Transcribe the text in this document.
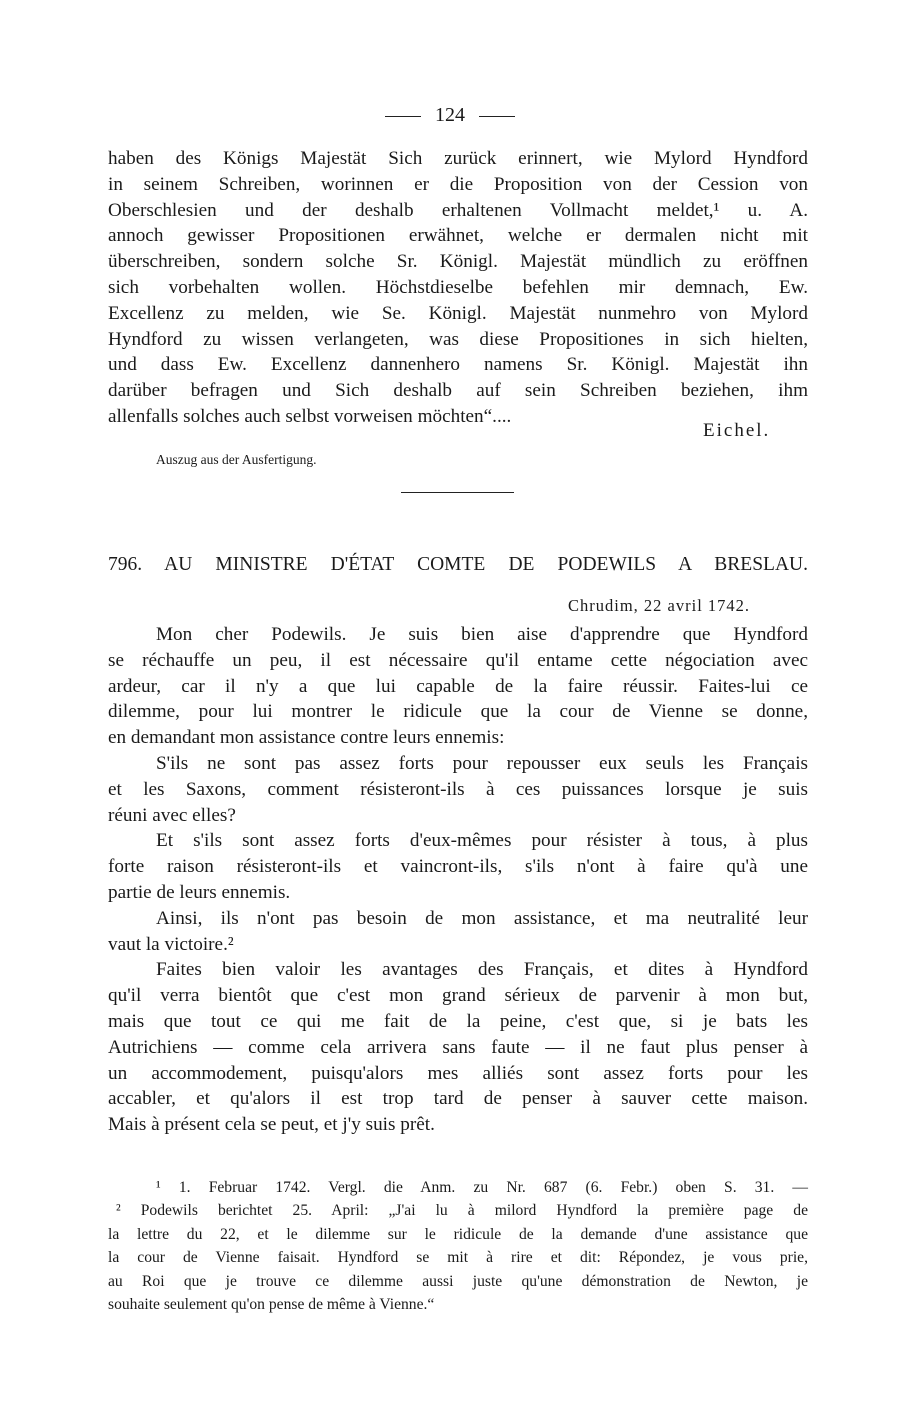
124
haben des Königs Majestät Sich zurück erinnert, wie Mylord Hyndford
in seinem Schreiben, worinnen er die Proposition von der Cession von
Oberschlesien und der deshalb erhaltenen Vollmacht meldet,¹ u. A.
annoch gewisser Propositionen erwähnet, welche er dermalen nicht mit
überschreiben, sondern solche Sr. Königl. Majestät mündlich zu eröffnen
sich vorbehalten wollen. Höchstdieselbe befehlen mir demnach, Ew.
Excellenz zu melden, wie Se. Königl. Majestät nunmehro von Mylord
Hyndford zu wissen verlangeten, was diese Propositiones in sich hielten,
und dass Ew. Excellenz dannenhero namens Sr. Königl. Majestät ihn
darüber befragen und Sich deshalb auf sein Schreiben beziehen, ihm
allenfalls solches auch selbst vorweisen möchten“....
Eichel.
Auszug aus der Ausfertigung.
796. AU MINISTRE D'ÉTAT COMTE DE PODEWILS A BRESLAU.
Chrudim, 22 avril 1742.
Mon cher Podewils. Je suis bien aise d'apprendre que Hyndford
se réchauffe un peu, il est nécessaire qu'il entame cette négociation avec
ardeur, car il n'y a que lui capable de la faire réussir. Faites-lui ce
dilemme, pour lui montrer le ridicule que la cour de Vienne se donne,
en demandant mon assistance contre leurs ennemis:
S'ils ne sont pas assez forts pour repousser eux seuls les Français
et les Saxons, comment résisteront-ils à ces puissances lorsque je suis
réuni avec elles?
Et s'ils sont assez forts d'eux-mêmes pour résister à tous, à plus
forte raison résisteront-ils et vaincront-ils, s'ils n'ont à faire qu'à une
partie de leurs ennemis.
Ainsi, ils n'ont pas besoin de mon assistance, et ma neutralité leur
vaut la victoire.²
Faites bien valoir les avantages des Français, et dites à Hyndford
qu'il verra bientôt que c'est mon grand sérieux de parvenir à mon but,
mais que tout ce qui me fait de la peine, c'est que, si je bats les
Autrichiens — comme cela arrivera sans faute — il ne faut plus penser à
un accommodement, puisqu'alors mes alliés sont assez forts pour les
accabler, et qu'alors il est trop tard de penser à sauver cette maison.
Mais à présent cela se peut, et j'y suis prêt.
¹ 1. Februar 1742. Vergl. die Anm. zu Nr. 687 (6. Febr.) oben S. 31. —
² Podewils berichtet 25. April: „J'ai lu à milord Hyndford la première page de
la lettre du 22, et le dilemme sur le ridicule de la demande d'une assistance que
la cour de Vienne faisait. Hyndford se mit à rire et dit: Répondez, je vous prie,
au Roi que je trouve ce dilemme aussi juste qu'une démonstration de Newton, je
souhaite seulement qu'on pense de même à Vienne.“
